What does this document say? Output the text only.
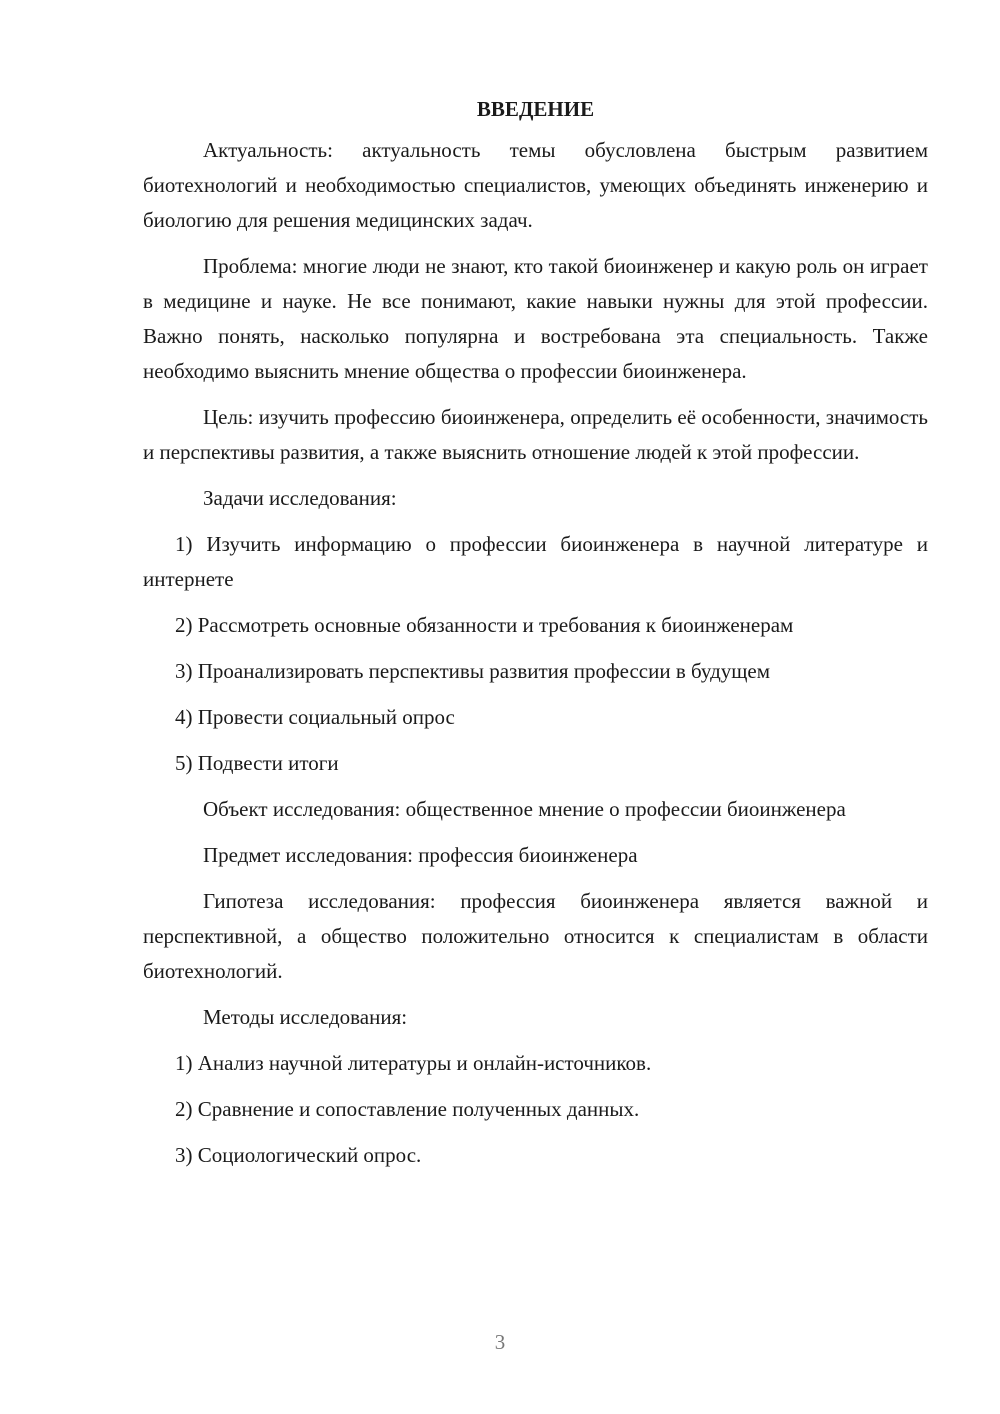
ВВЕДЕНИЕ

Актуальность: актуальность темы обусловлена быстрым развитием биотехнологий и необходимостью специалистов, умеющих объединять инженерию и биологию для решения медицинских задач.

Проблема: многие люди не знают, кто такой биоинженер и какую роль он играет в медицине и науке. Не все понимают, какие навыки нужны для этой профессии. Важно понять, насколько популярна и востребована эта специальность. Также необходимо выяснить мнение общества о профессии биоинженера.

Цель: изучить профессию биоинженера, определить её особенности, значимость и перспективы развития, а также выяснить отношение людей к этой профессии.

Задачи исследования:

1) Изучить информацию о профессии биоинженера в научной литературе и интернете

2) Рассмотреть основные обязанности и требования к биоинженерам

3) Проанализировать перспективы развития профессии в будущем

4) Провести социальный опрос

5) Подвести итоги

Объект исследования: общественное мнение о профессии биоинженера

Предмет исследования: профессия биоинженера

Гипотеза исследования: профессия биоинженера является важной и перспективной, а общество положительно относится к специалистам в области биотехнологий.

Методы исследования:

1) Анализ научной литературы и онлайн-источников.

2) Сравнение и сопоставление полученных данных.

3) Социологический опрос.

3
